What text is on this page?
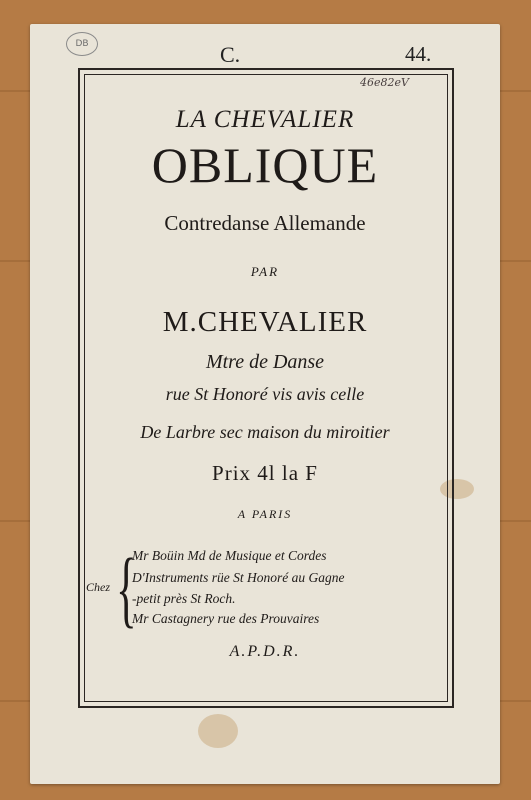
DB	C.	44.
46e82eV
LA CHEVALIER
OBLIQUE
Contredanse Allemande
PAR
M.CHEVALIER
Mtre de Danse
rue St Honoré vis avis celle
De Larbre sec maison du miroitier
Prix 4l la F
A PARIS
Chez {
Mr Boüin Md de Musique et Cordes
D'Instruments rüe St Honoré au Gagne
-petit près St Roch.
Mr Castagnery rue des Prouvaires
A.P.D.R.
